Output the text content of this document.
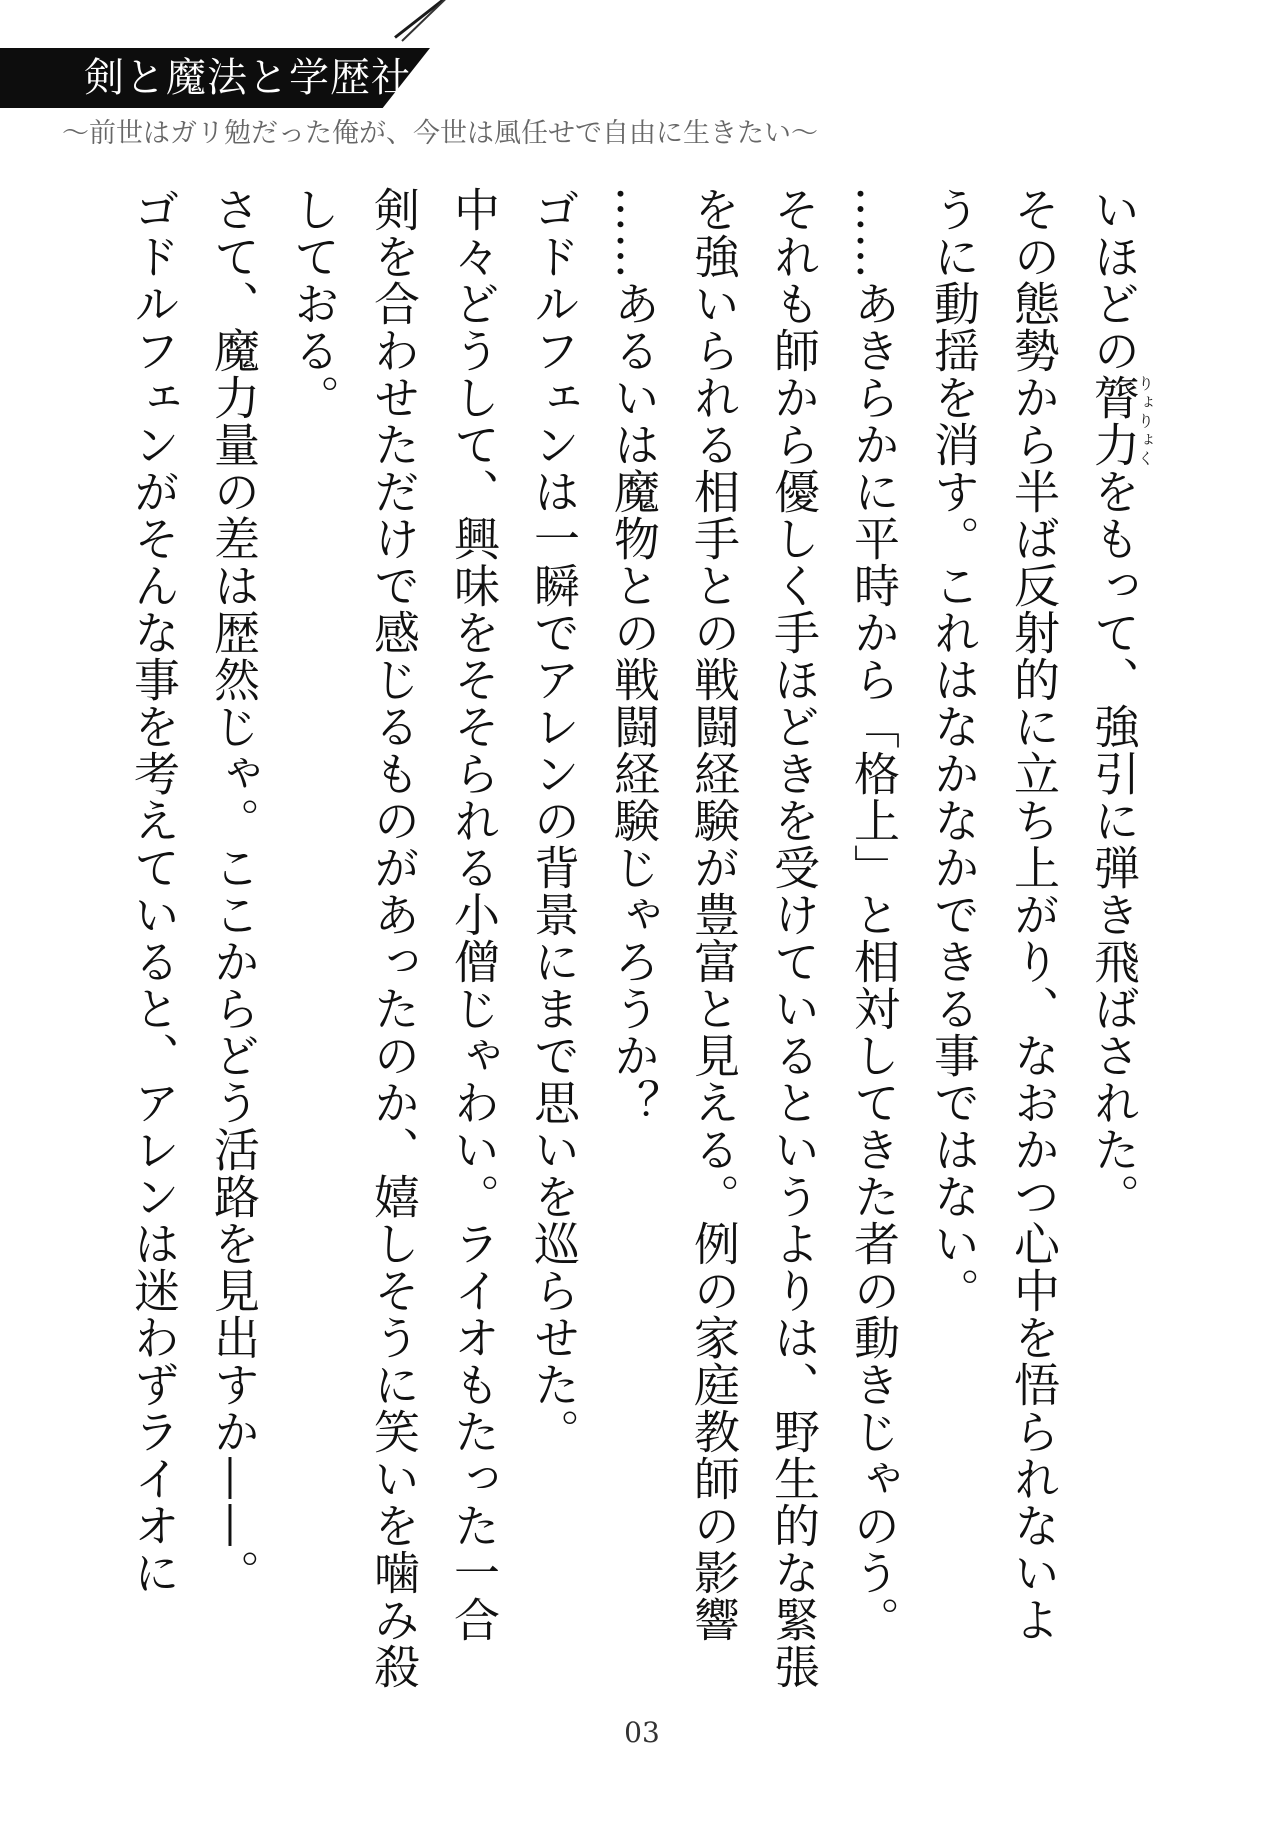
剣と魔法と学歴社会
〜前世はガリ勉だった俺が、今世は風任せで自由に生きたい〜

いほどの膂力りょりょくをもって、強引に弾き飛ばされた。

その態勢から半ば反射的に立ち上がり、なおかつ心中を悟られないよ

うに動揺を消す。これはなかなかできる事ではない。

……あきらかに平時から「格上」と相対してきた者の動きじゃのう。

それも師から優しく手ほどきを受けているというよりは、野生的な緊張

を強いられる相手との戦闘経験が豊富と見える。例の家庭教師の影響

……あるいは魔物との戦闘経験じゃろうか？

ゴドルフェンは一瞬でアレンの背景にまで思いを巡らせた。

中々どうして、興味をそそられる小僧じゃわい。ライオもたった一合

剣を合わせただけで感じるものがあったのか、嬉しそうに笑いを噛み殺

しておる。

さて、魔力量の差は歴然じゃ。ここからどう活路を見出すか——。

ゴドルフェンがそんな事を考えていると、アレンは迷わずライオに

03
